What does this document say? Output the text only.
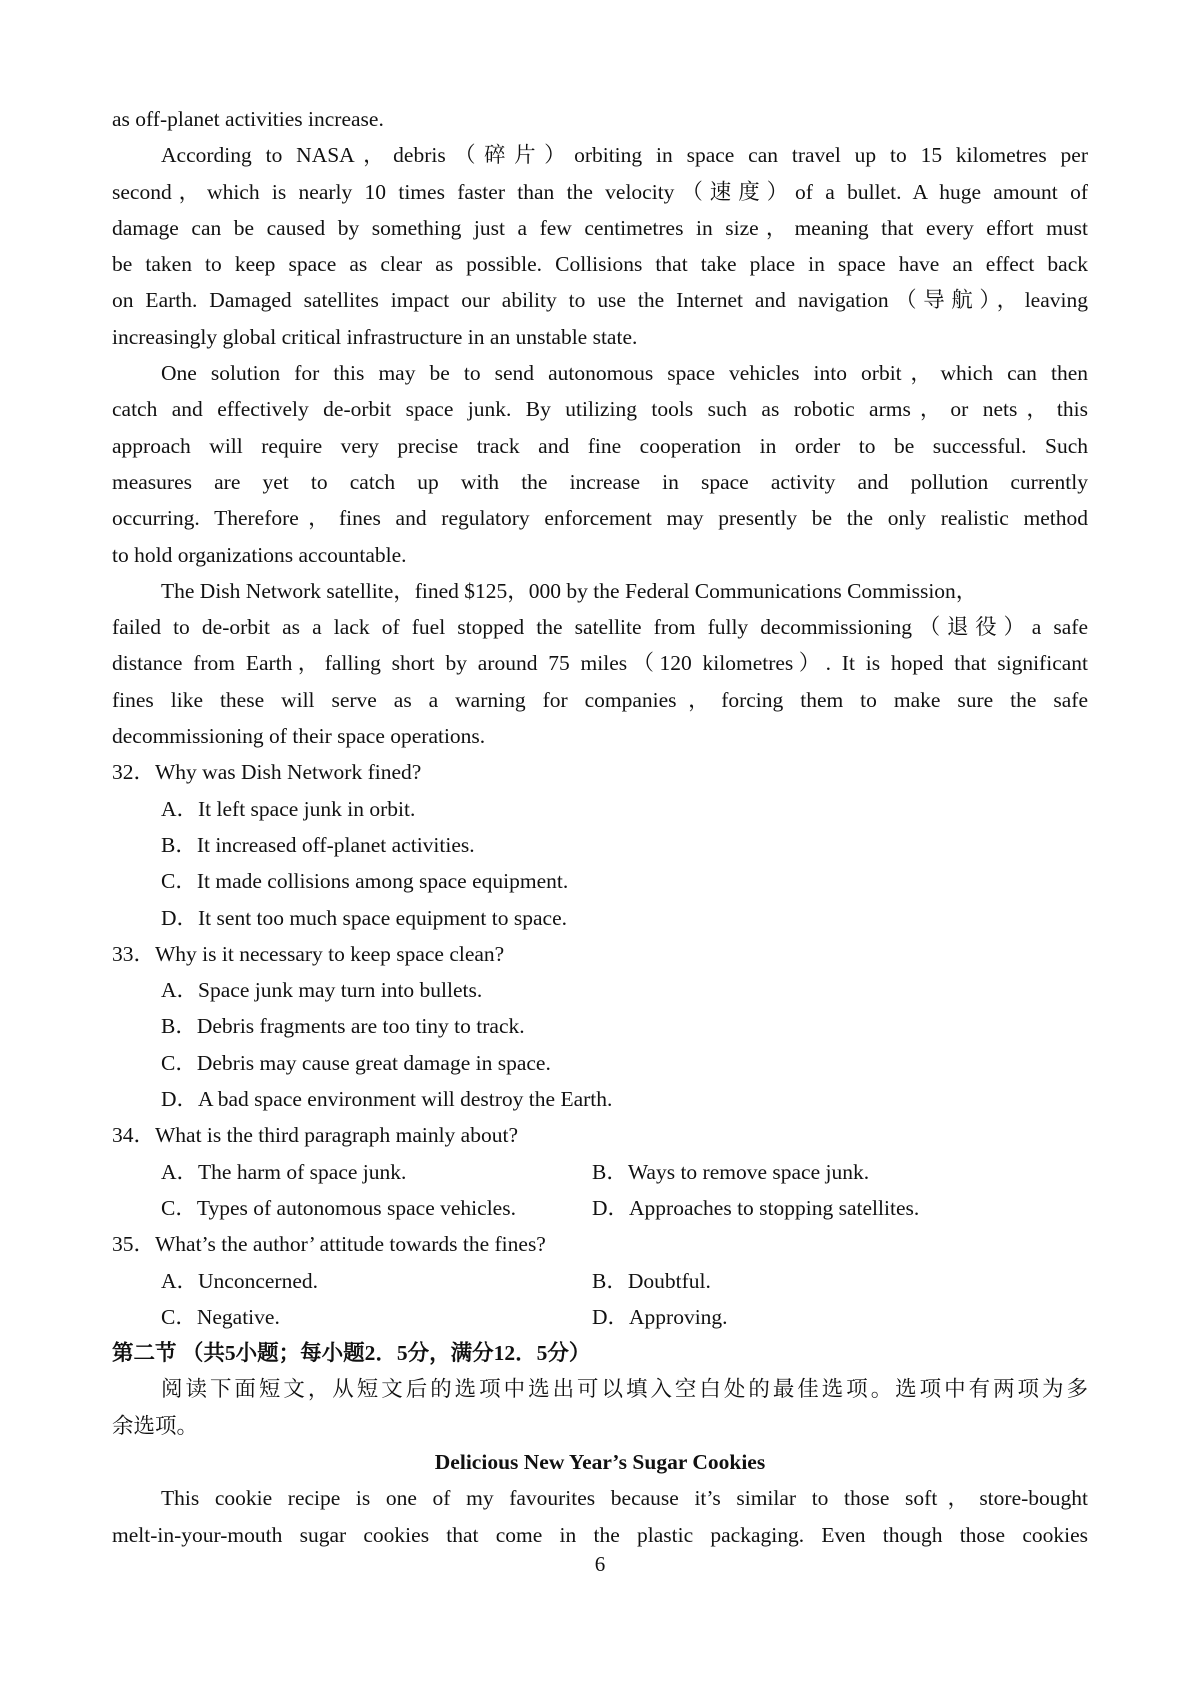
as off-planet activities increase.
According to NASA，debris（碎片）orbiting in space can travel up to 15 kilometres per
second，which is nearly 10 times faster than the velocity（速度）of a bullet. A huge amount of
damage can be caused by something just a few centimetres in size，meaning that every effort must
be taken to keep space as clear as possible. Collisions that take place in space have an effect back
on Earth. Damaged satellites impact our ability to use the Internet and navigation（导航），leaving
increasingly global critical infrastructure in an unstable state.
One solution for this may be to send autonomous space vehicles into orbit，which can then
catch and effectively de-orbit space junk. By utilizing tools such as robotic arms，or nets，this
approach will require very precise track and fine cooperation in order to be successful. Such
measures are yet to catch up with the increase in space activity and pollution currently
occurring. Therefore，fines and regulatory enforcement may presently be the only realistic method
to hold organizations accountable.
The Dish Network satellite，fined $125，000 by the Federal Communications Commission，
failed to de-orbit as a lack of fuel stopped the satellite from fully decommissioning（退役）a safe
distance from Earth，falling short by around 75 miles（120 kilometres）. It is hoped that significant
fines like these will serve as a warning for companies，forcing them to make sure the safe
decommissioning of their space operations.
32．Why was Dish Network fined?
A．It left space junk in orbit.
B．It increased off-planet activities.
C．It made collisions among space equipment.
D．It sent too much space equipment to space.
33．Why is it necessary to keep space clean?
A．Space junk may turn into bullets.
B．Debris fragments are too tiny to track.
C．Debris may cause great damage in space.
D．A bad space environment will destroy the Earth.
34．What is the third paragraph mainly about?
A．The harm of space junk.	B．Ways to remove space junk.
C．Types of autonomous space vehicles.	D．Approaches to stopping satellites.
35．What’s the author’ attitude towards the fines?
A．Unconcerned.	B．Doubtful.
C．Negative.	D．Approving.
第二节 （共5小题；每小题2．5分，满分12．5分）
阅读下面短文，从短文后的选项中选出可以填入空白处的最佳选项。选项中有两项为多
余选项。
Delicious New Year’s Sugar Cookies
This cookie recipe is one of my favourites because it’s similar to those soft，store-bought
melt-in-your-mouth sugar cookies that come in the plastic packaging. Even though those cookies
6
